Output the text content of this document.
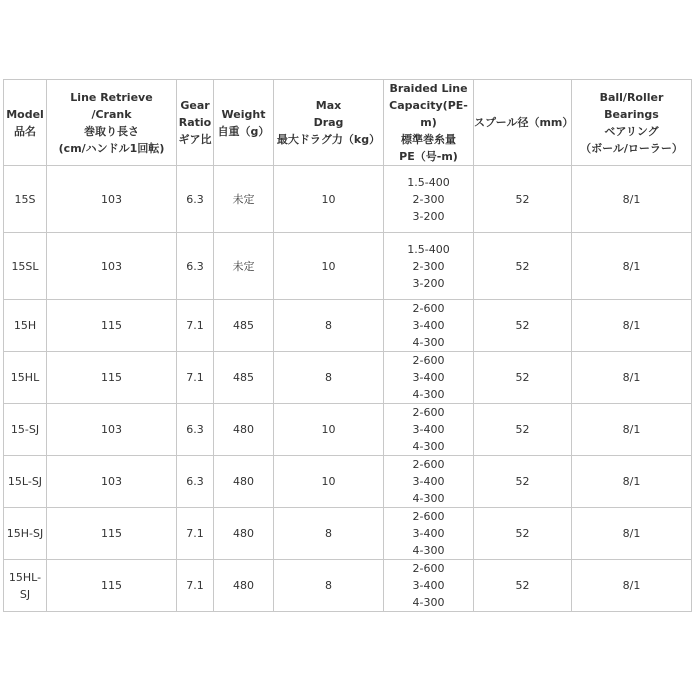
Model
品名	Line Retrieve
/Crank
巻取り長さ
(cm/ハンドル1回転)	Gear
Ratio
ギア比	Weight
自重（g）	Max
Drag
最大ドラグ力（kg）	Braided Line
Capacity(PE-m)
標準巻糸量
PE（号-m)	スプール径（mm）	Ball/Roller
Bearings
ベアリング
（ボール/ローラー）

15S	103	6.3	未定	10	1.5-400
2-300
3-200	52	8/1
15SL	103	6.3	未定	10	1.5-400
2-300
3-200	52	8/1
15H	115	7.1	485	8	2-600
3-400
4-300	52	8/1
15HL	115	7.1	485	8	2-600
3-400
4-300	52	8/1
15-SJ	103	6.3	480	10	2-600
3-400
4-300	52	8/1
15L-SJ	103	6.3	480	10	2-600
3-400
4-300	52	8/1
15H-SJ	115	7.1	480	8	2-600
3-400
4-300	52	8/1
15HL-SJ	115	7.1	480	8	2-600
3-400
4-300	52	8/1
